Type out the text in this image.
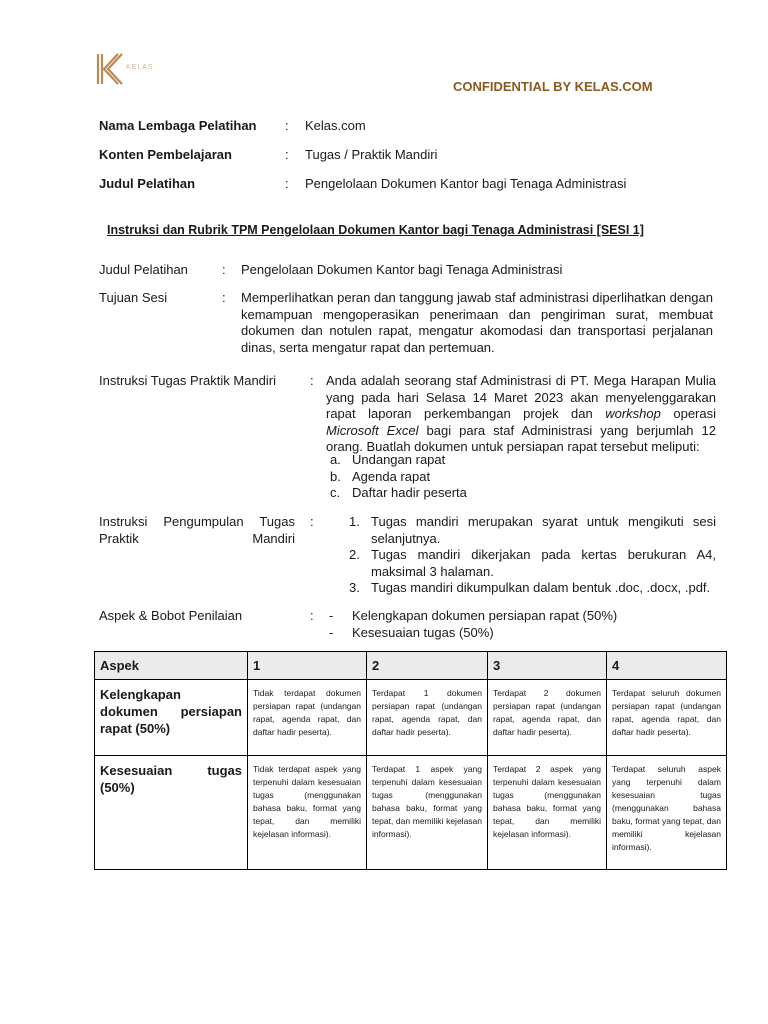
KELAS
CONFIDENTIAL BY KELAS.COM
Nama Lembaga Pelatihan : Kelas.com
Konten Pembelajaran	: Tugas / Praktik Mandiri
Judul Pelatihan	: Pengelolaan Dokumen Kantor bagi Tenaga Administrasi
Instruksi dan Rubrik TPM Pengelolaan Dokumen Kantor bagi Tenaga Administrasi [SESI 1]
Judul Pelatihan	: Pengelolaan Dokumen Kantor bagi Tenaga Administrasi
Tujuan Sesi	: Memperlihatkan peran dan tanggung jawab staf administrasi diperlihatkan dengan kemampuan mengoperasikan penerimaan dan pengiriman surat, membuat dokumen dan notulen rapat, mengatur akomodasi dan transportasi perjalanan dinas, serta mengatur rapat dan pertemuan.
Instruksi Tugas Praktik Mandiri	: Anda adalah seorang staf Administrasi di PT. Mega Harapan Mulia yang pada hari Selasa 14 Maret 2023 akan menyelenggarakan rapat laporan perkembangan projek dan workshop operasi Microsoft Excel bagi para staf Administrasi yang berjumlah 12 orang. Buatlah dokumen untuk persiapan rapat tersebut meliputi:
a. Undangan rapat
b. Agenda rapat
c. Daftar hadir peserta
Instruksi Pengumpulan Tugas Praktik Mandiri
:	1. Tugas mandiri merupakan syarat untuk mengikuti sesi selanjutnya.
2. Tugas mandiri dikerjakan pada kertas berukuran A4, maksimal 3 halaman.
3. Tugas mandiri dikumpulkan dalam bentuk .doc, .docx, .pdf.
Aspek & Bobot Penilaian	: - Kelengkapan dokumen persiapan rapat (50%)
- Kesesuaian tugas (50%)
Aspek	1	2	3	4
Kelengkapan dokumen persiapan rapat (50%)	Tidak terdapat dokumen persiapan rapat (undangan rapat, agenda rapat, dan daftar hadir peserta).	Terdapat 1 dokumen persiapan rapat (undangan rapat, agenda rapat, dan daftar hadir peserta).	Terdapat 2 dokumen persiapan rapat (undangan rapat, agenda rapat, dan daftar hadir peserta).	Terdapat seluruh dokumen persiapan rapat (undangan rapat, agenda rapat, dan daftar hadir peserta).
Kesesuaian tugas (50%)	Tidak terdapat aspek yang terpenuhi dalam kesesuaian tugas (menggunakan bahasa baku, format yang tepat, dan memiliki kejelasan informasi).	Terdapat 1 aspek yang terpenuhi dalam kesesuaian tugas (menggunakan bahasa baku, format yang tepat, dan memiliki kejelasan informasi).	Terdapat 2 aspek yang terpenuhi dalam kesesuaian tugas (menggunakan bahasa baku, format yang tepat, dan memiliki kejelasan informasi).	Terdapat seluruh aspek yang terpenuhi dalam kesesuaian tugas (menggunakan bahasa baku, format yang tepat, dan memiliki kejelasan informasi).
